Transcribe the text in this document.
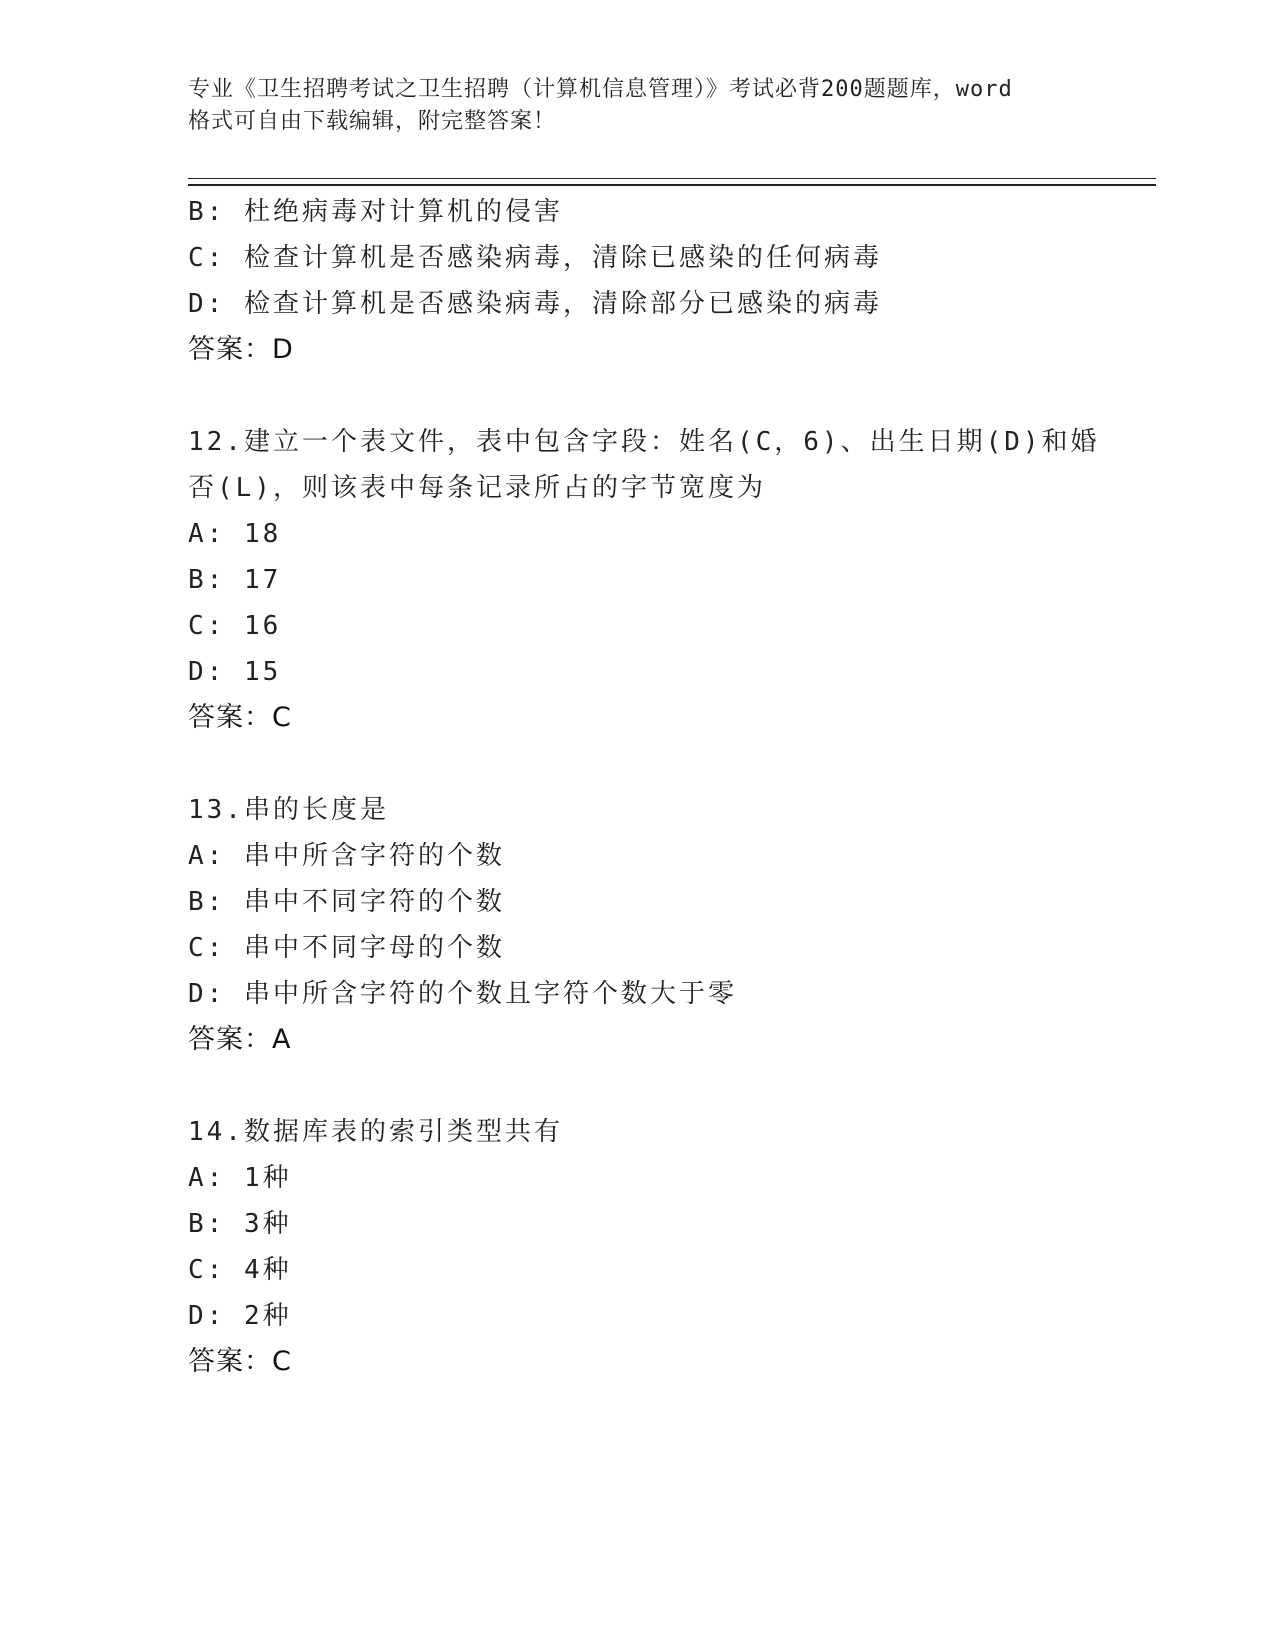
专业《卫生招聘考试之卫生招聘（计算机信息管理）》考试必背200题题库，word
格式可自由下载编辑，附完整答案！
B: 杜绝病毒对计算机的侵害
C: 检查计算机是否感染病毒，清除已感染的任何病毒
D: 检查计算机是否感染病毒，清除部分已感染的病毒
答案：D
12.建立一个表文件，表中包含字段：姓名(C，6)、出生日期(D)和婚
否(L)，则该表中每条记录所占的字节宽度为
A: 18
B: 17
C: 16
D: 15
答案：C
13.串的长度是
A: 串中所含字符的个数
B: 串中不同字符的个数
C: 串中不同字母的个数
D: 串中所含字符的个数且字符个数大于零
答案：A
14.数据库表的索引类型共有
A: 1种
B: 3种
C: 4种
D: 2种
答案：C
